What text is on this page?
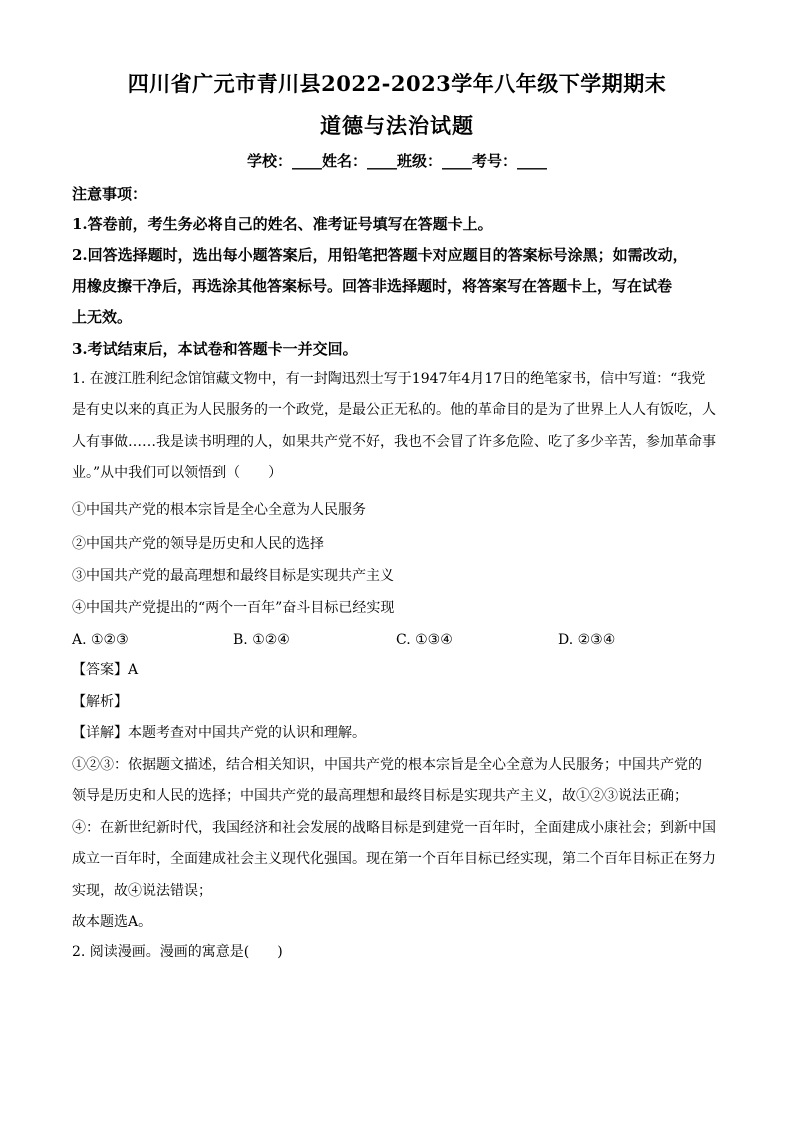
四川省广元市青川县2022-2023学年八年级下学期期末
道德与法治试题
学校：____姓名：____班级：____考号：____
注意事项：
1.答卷前，考生务必将自己的姓名、准考证号填写在答题卡上。
2.回答选择题时，选出每小题答案后，用铅笔把答题卡对应题目的答案标号涂黑；如需改动，
用橡皮擦干净后，再选涂其他答案标号。回答非选择题时，将答案写在答题卡上，写在试卷
上无效。
3.考试结束后，本试卷和答题卡一并交回。
1. 在渡江胜利纪念馆馆藏文物中，有一封陶迅烈士写于1947年4月17日的绝笔家书，信中写道：“我党
是有史以来的真正为人民服务的一个政党，是最公正无私的。他的革命目的是为了世界上人人有饭吃，人
人有事做……我是读书明理的人，如果共产党不好，我也不会冒了许多危险、吃了多少辛苦，参加革命事
业。”从中我们可以领悟到（　　）
①中国共产党的根本宗旨是全心全意为人民服务
②中国共产党的领导是历史和人民的选择
③中国共产党的最高理想和最终目标是实现共产主义
④中国共产党提出的“两个一百年”奋斗目标已经实现
A. ①②③	B. ①②④	C. ①③④	D. ②③④
【答案】A
【解析】
【详解】本题考查对中国共产党的认识和理解。
①②③：依据题文描述，结合相关知识，中国共产党的根本宗旨是全心全意为人民服务；中国共产党的
领导是历史和人民的选择；中国共产党的最高理想和最终目标是实现共产主义，故①②③说法正确；
④：在新世纪新时代，我国经济和社会发展的战略目标是到建党一百年时，全面建成小康社会；到新中国
成立一百年时，全面建成社会主义现代化强国。现在第一个百年目标已经实现，第二个百年目标正在努力
实现，故④说法错误；
故本题选A。
2. 阅读漫画。漫画的寓意是(　　)
